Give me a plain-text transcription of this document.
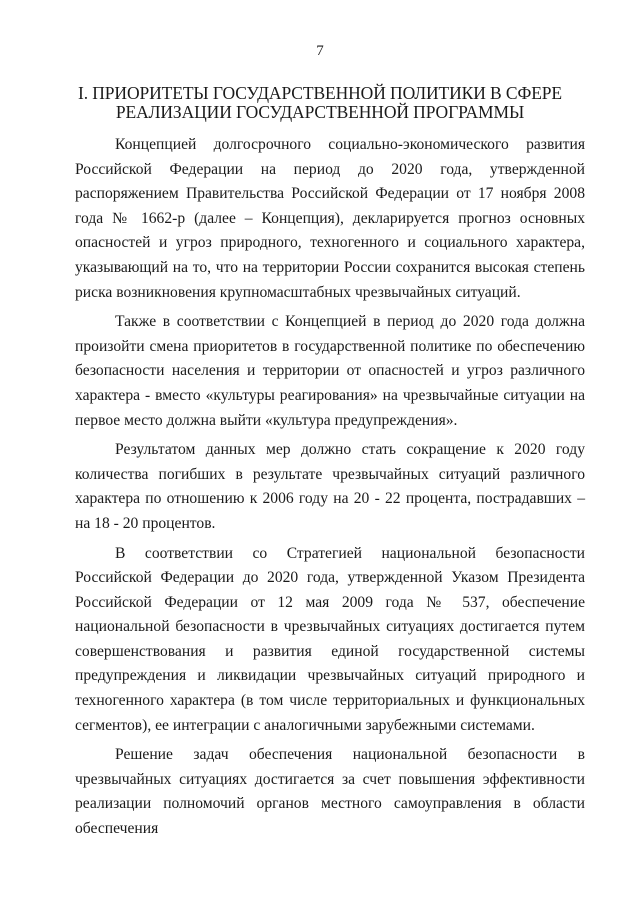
7
I. ПРИОРИТЕТЫ ГОСУДАРСТВЕННОЙ ПОЛИТИКИ В СФЕРЕ
РЕАЛИЗАЦИИ ГОСУДАРСТВЕННОЙ ПРОГРАММЫ

Концепцией долгосрочного социально-экономического развития Российской Федерации на период до 2020 года, утвержденной распоряжением Правительства Российской Федерации от 17 ноября 2008 года № 1662-р (далее – Концепция), декларируется прогноз основных опасностей и угроз природного, техногенного и социального характера, указывающий на то, что на территории России сохранится высокая степень риска возникновения крупномасштабных чрезвычайных ситуаций.

Также в соответствии с Концепцией в период до 2020 года должна произойти смена приоритетов в государственной политике по обеспечению безопасности населения и территории от опасностей и угроз различного характера - вместо «культуры реагирования» на чрезвычайные ситуации на первое место должна выйти «культура предупреждения».

Результатом данных мер должно стать сокращение к 2020 году количества погибших в результате чрезвычайных ситуаций различного характера по отношению к 2006 году на 20 - 22 процента, пострадавших – на 18 - 20 процентов.

В соответствии со Стратегией национальной безопасности Российской Федерации до 2020 года, утвержденной Указом Президента Российской Федерации от 12 мая 2009 года № 537, обеспечение национальной безопасности в чрезвычайных ситуациях достигается путем совершенствования и развития единой государственной системы предупреждения и ликвидации чрезвычайных ситуаций природного и техногенного характера (в том числе территориальных и функциональных сегментов), ее интеграции с аналогичными зарубежными системами.

Решение задач обеспечения национальной безопасности в чрезвычайных ситуациях достигается за счет повышения эффективности реализации полномочий органов местного самоуправления в области обеспечения
